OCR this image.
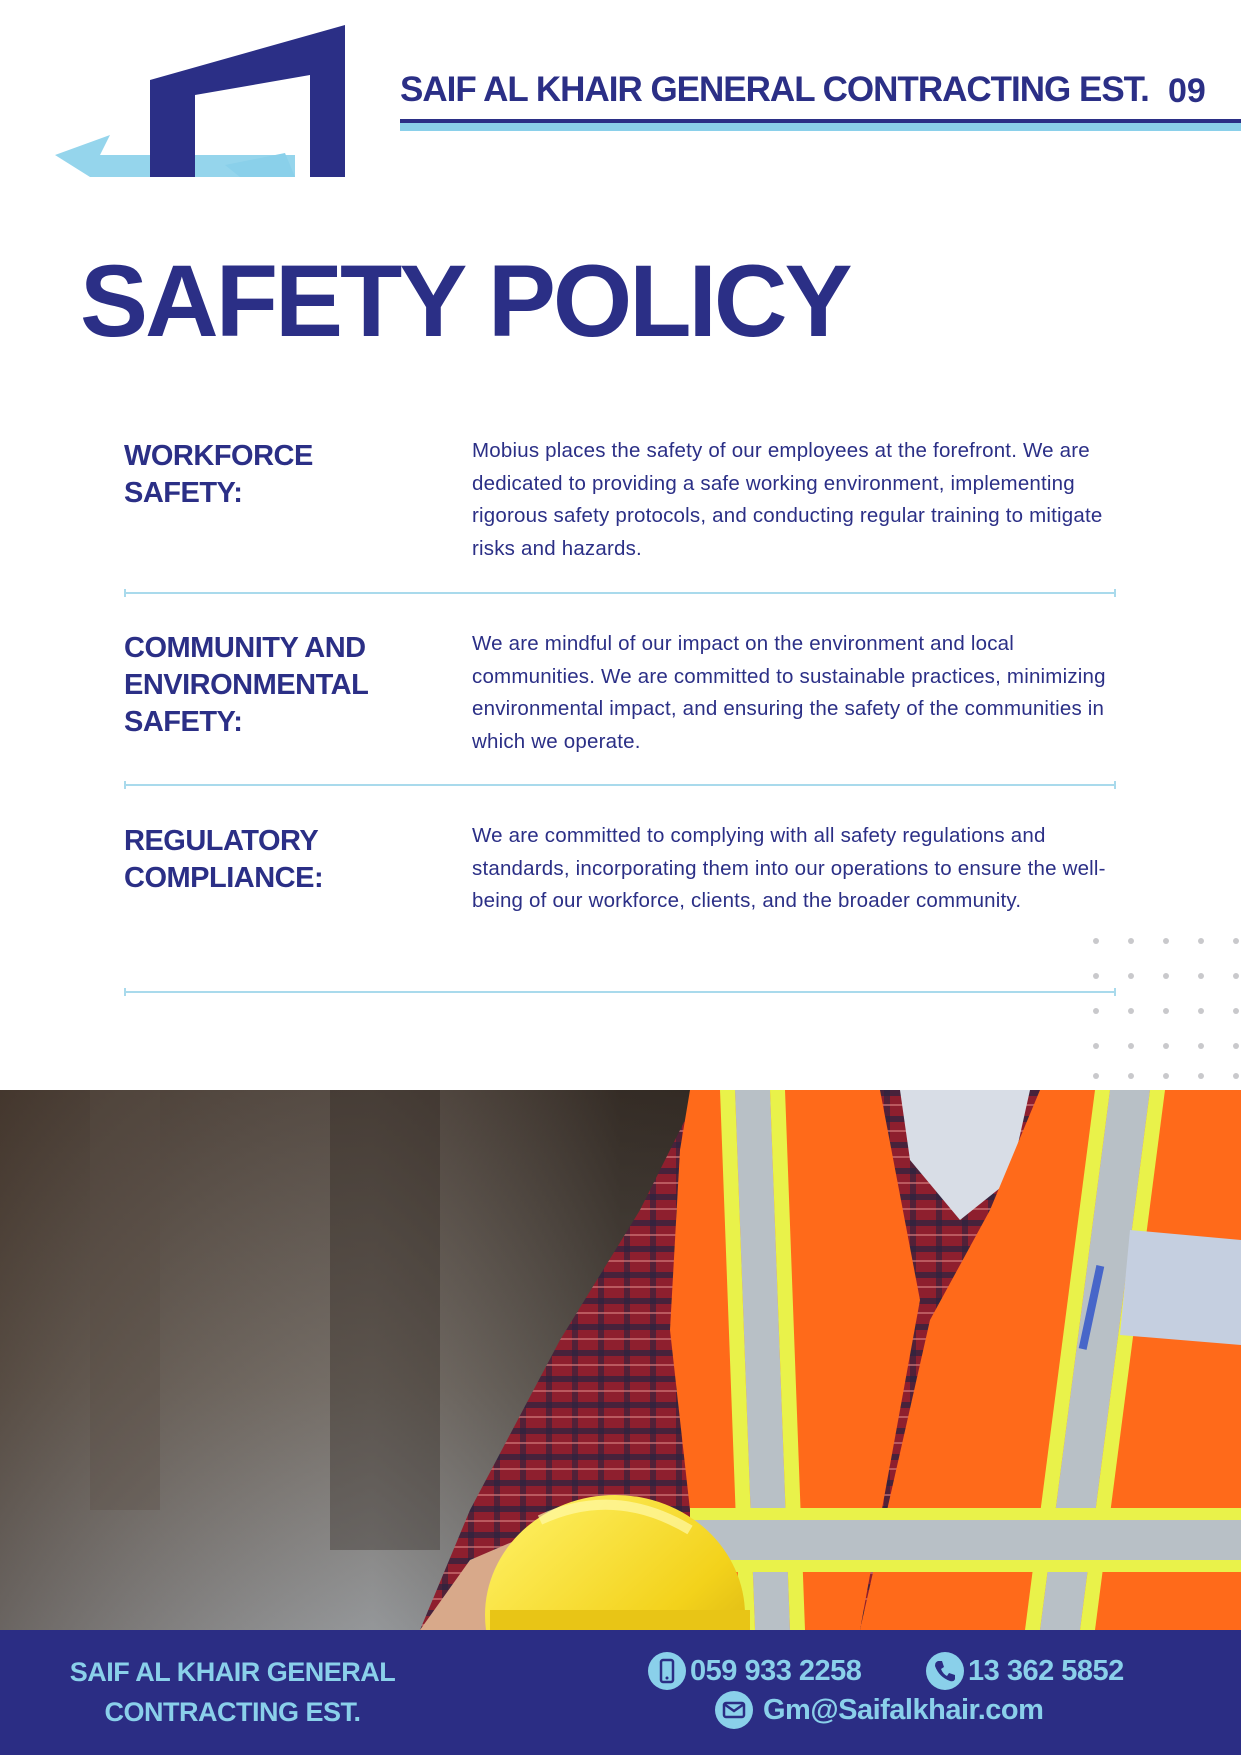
SAIF AL KHAIR GENERAL CONTRACTING EST. 09
SAFETY POLICY
WORKFORCE
SAFETY:

Mobius places the safety of our employees at the forefront. We are dedicated to providing a safe working environment, implementing rigorous safety protocols, and conducting regular training to mitigate risks and hazards.

COMMUNITY AND
ENVIRONMENTAL
SAFETY:

We are mindful of our impact on the environment and local communities. We are committed to sustainable practices, minimizing environmental impact, and ensuring the safety of the communities in which we operate.

REGULATORY
COMPLIANCE:

We are committed to complying with all safety regulations and standards, incorporating them into our operations to ensure the well-being of our workforce, clients, and the broader community.

SAIF AL KHAIR GENERAL
CONTRACTING EST.
059 933 2258	13 362 5852
Gm@Saifalkhair.com
